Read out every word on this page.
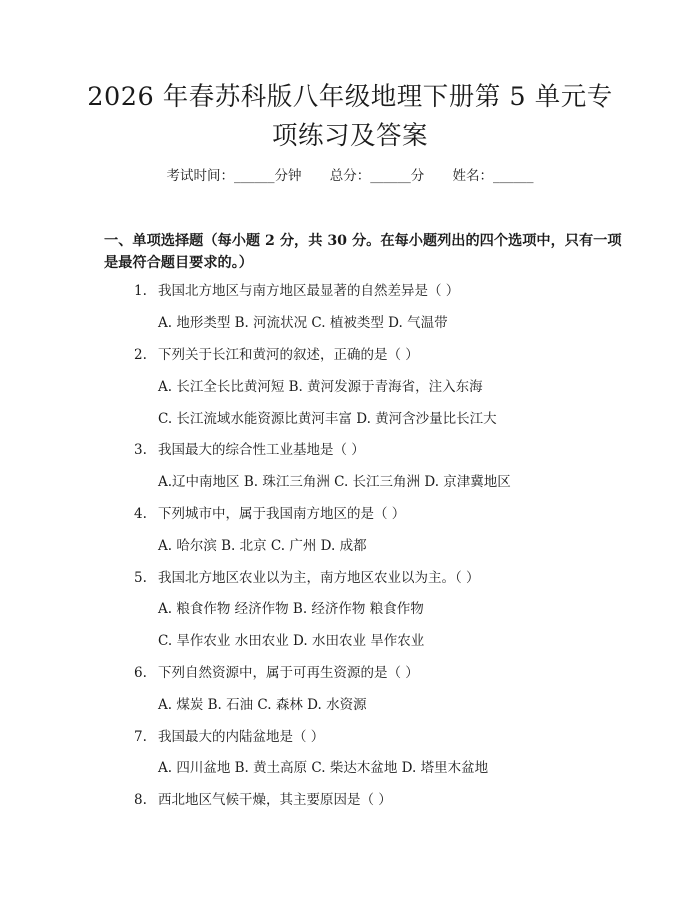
2026 年春苏科版八年级地理下册第 5 单元专
项练习及答案
考试时间：______分钟 总分：______分 姓名：______
一、单项选择题（每小题 2 分，共 30 分。在每小题列出的四个选项中，只有一项
是最符合题目要求的。）
1. 我国北方地区与南方地区最显著的自然差异是（ ）
A. 地形类型 B. 河流状况 C. 植被类型 D. 气温带
2. 下列关于长江和黄河的叙述，正确的是（ ）
A. 长江全长比黄河短 B. 黄河发源于青海省，注入东海
C. 长江流域水能资源比黄河丰富 D. 黄河含沙量比长江大
3. 我国最大的综合性工业基地是（ ）
A.辽中南地区 B. 珠江三角洲 C. 长江三角洲 D. 京津冀地区
4. 下列城市中，属于我国南方地区的是（ ）
A. 哈尔滨 B. 北京 C. 广州 D. 成都
5. 我国北方地区农业以为主，南方地区农业以为主。（ ）
A. 粮食作物 经济作物 B. 经济作物 粮食作物
C. 旱作农业 水田农业 D. 水田农业 旱作农业
6. 下列自然资源中，属于可再生资源的是（ ）
A. 煤炭 B. 石油 C. 森林 D. 水资源
7. 我国最大的内陆盆地是（ ）
A. 四川盆地 B. 黄土高原 C. 柴达木盆地 D. 塔里木盆地
8. 西北地区气候干燥，其主要原因是（ ）
